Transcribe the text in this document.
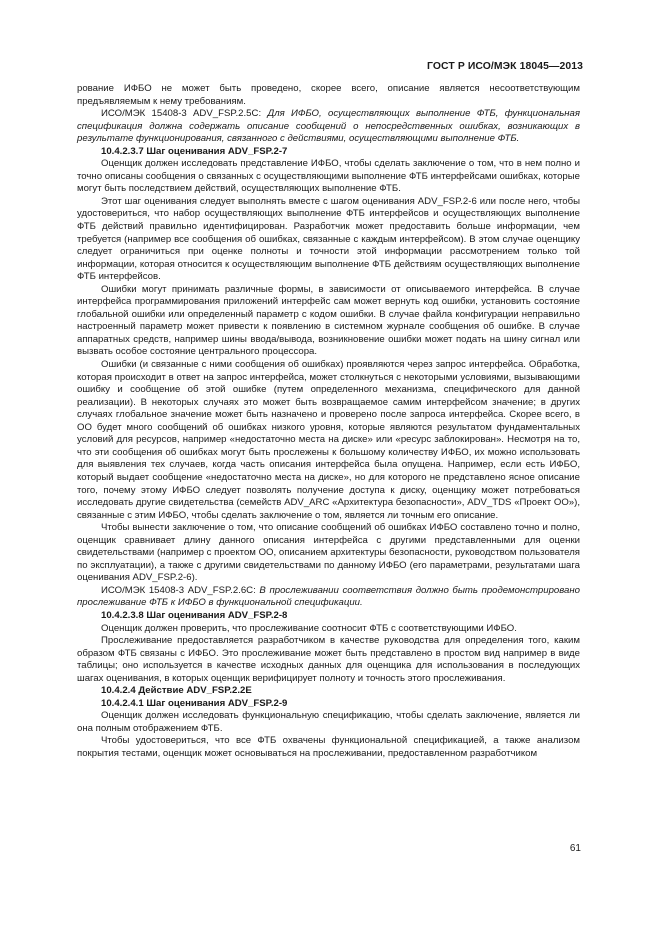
ГОСТ Р ИСО/МЭК 18045—2013

рование ИФБО не может быть проведено, скорее всего, описание является несоответствующим предъявляемым к нему требованиям.

ИСО/МЭК 15408-3 ADV_FSP.2.5C: Для ИФБО, осуществляющих выполнение ФТБ, функциональная спецификация должна содержать описание сообщений о непосредственных ошибках, возникающих в результате функционирования, связанного с действиями, осуществляющими выполнение ФТБ.

10.4.2.3.7 Шаг оценивания ADV_FSP.2-7

Оценщик должен исследовать представление ИФБО, чтобы сделать заключение о том, что в нем полно и точно описаны сообщения о связанных с осуществляющими выполнение ФТБ интерфейсами ошибках, которые могут быть последствием действий, осуществляющих выполнение ФТБ.

Этот шаг оценивания следует выполнять вместе с шагом оценивания ADV_FSP.2-6 или после него, чтобы удостовериться, что набор осуществляющих выполнение ФТБ интерфейсов и осуществляющих выполнение ФТБ действий правильно идентифицирован. Разработчик может предоставить больше информации, чем требуется (например все сообщения об ошибках, связанные с каждым интерфейсом). В этом случае оценщику следует ограничиться при оценке полноты и точности этой информации рассмотрением только той информации, которая относится к осуществляющим выполнение ФТБ действиям осуществляющих выполнение ФТБ интерфейсов.

Ошибки могут принимать различные формы, в зависимости от описываемого интерфейса. В случае интерфейса программирования приложений интерфейс сам может вернуть код ошибки, установить состояние глобальной ошибки или определенный параметр с кодом ошибки. В случае файла конфигурации неправильно настроенный параметр может привести к появлению в системном журнале сообщения об ошибке. В случае аппаратных средств, например шины ввода/вывода, возникновение ошибки может подать на шину сигнал или вызвать особое состояние центрального процессора.

Ошибки (и связанные с ними сообщения об ошибках) проявляются через запрос интерфейса. Обработка, которая происходит в ответ на запрос интерфейса, может столкнуться с некоторыми условиями, вызывающими ошибку и сообщение об этой ошибке (путем определенного механизма, специфического для данной реализации). В некоторых случаях это может быть возвращаемое самим интерфейсом значение; в других случаях глобальное значение может быть назначено и проверено после запроса интерфейса. Скорее всего, в ОО будет много сообщений об ошибках низкого уровня, которые являются результатом фундаментальных условий для ресурсов, например «недостаточно места на диске» или «ресурс заблокирован». Несмотря на то, что эти сообщения об ошибках могут быть прослежены к большому количеству ИФБО, их можно использовать для выявления тех случаев, когда часть описания интерфейса была опущена. Например, если есть ИФБО, который выдает сообщение «недостаточно места на диске», но для которого не представлено ясное описание того, почему этому ИФБО следует позволять получение доступа к диску, оценщику может потребоваться исследовать другие свидетельства (семейств ADV_ARC «Архитектура безопасности», ADV_TDS «Проект ОО»), связанные с этим ИФБО, чтобы сделать заключение о том, является ли точным его описание.

Чтобы вынести заключение о том, что описание сообщений об ошибках ИФБО составлено точно и полно, оценщик сравнивает длину данного описания интерфейса с другими представленными для оценки свидетельствами (например с проектом ОО, описанием архитектуры безопасности, руководством пользователя по эксплуатации), а также с другими свидетельствами по данному ИФБО (его параметрами, результатами шага оценивания ADV_FSP.2-6).

ИСО/МЭК 15408-3 ADV_FSP.2.6C: В прослеживании соответствия должно быть продемонстрировано прослеживание ФТБ к ИФБО в функциональной спецификации.

10.4.2.3.8 Шаг оценивания ADV_FSP.2-8

Оценщик должен проверить, что прослеживание соотносит ФТБ с соответствующими ИФБО.

Прослеживание предоставляется разработчиком в качестве руководства для определения того, каким образом ФТБ связаны с ИФБО. Это прослеживание может быть представлено в простом вид например в виде таблицы; оно используется в качестве исходных данных для оценщика для использования в последующих шагах оценивания, в которых оценщик верифицирует полноту и точность этого прослеживания.

10.4.2.4 Действие ADV_FSP.2.2E

10.4.2.4.1 Шаг оценивания ADV_FSP.2-9

Оценщик должен исследовать функциональную спецификацию, чтобы сделать заключение, является ли она полным отображением ФТБ.

Чтобы удостовериться, что все ФТБ охвачены функциональной спецификацией, а также анализом покрытия тестами, оценщик может основываться на прослеживании, предоставленном разработчиком

61
